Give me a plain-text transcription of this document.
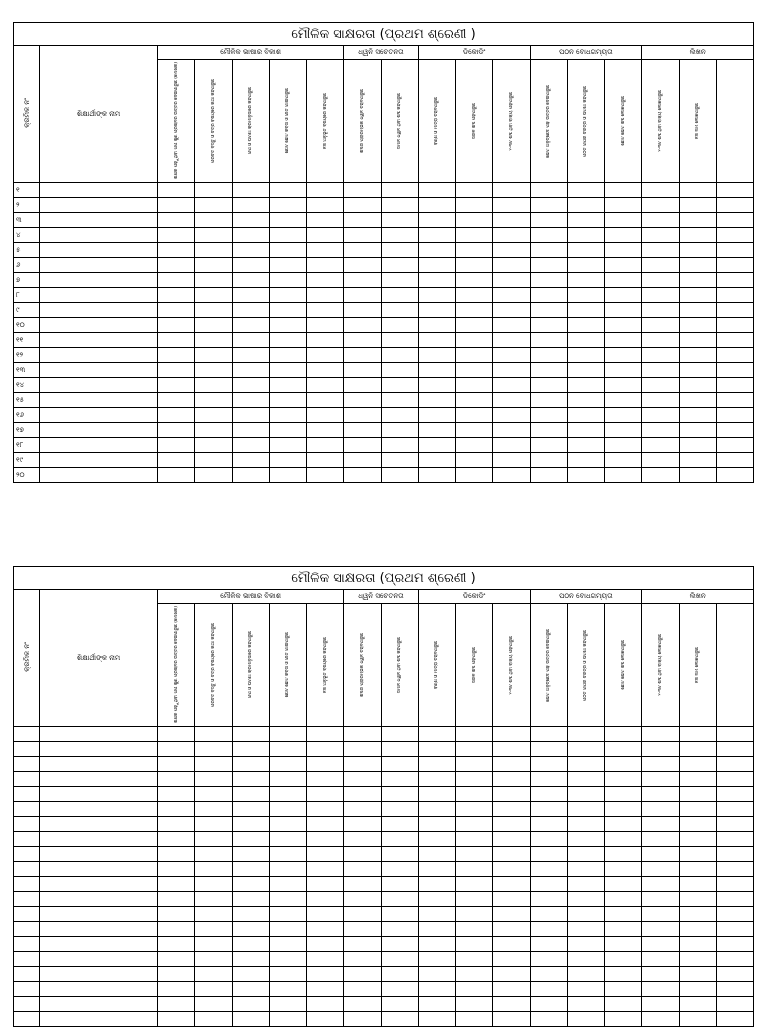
ମୌଳିକ ସାକ୍ଷରତା (ପ୍ରଥମ ଶ୍ରେଣୀ )																		
କ୍ରମିକ ନଂ	ଶିକ୍ଷାର୍ଥୀଙ୍କ ନାମ	ମୌଳିକ ଭାଷାର ବିକାଶ					ଧ୍ୱନି ସଚେତନତା		ଡିକୋଡିଂ			ପଠନ ବୋଧଗମ୍ୟତା			ଲିଖନ			

		ଶିକ୍ଷକ ପଢ଼ୁଥିବା ଗପ ଶୁଣି ପ୍ରଶ୍ନର ଉତ୍ତର ଦେଇପାରୁଛି (ମୌଖିକ)	ପରିଚିତ ବସ୍ତୁ ଓ ଚିତ୍ର ବିଷୟରେ କଥା କହିପାରୁଛି	ଗପ ଓ ଘଟଣା କ୍ରମାନୁସାରେ କହିପାରୁଛି	ଛୋଟ ଛୋଟ କବିତା ଓ ଗୀତ ଗାଇପାରୁଛି	ନିଜ ଅନୁଭୂତି ବିଷୟରେ କହିପାରୁଛି	ଶବ୍ଦର ପ୍ରାରମ୍ଭିକ ଧ୍ୱନି ଚିହ୍ନିପାରୁଛି	ସମାନ ଧ୍ୱନି ଥିବା ଶବ୍ଦ କହିପାରୁଛି	ବର୍ଣ୍ଣ ଓ ମାତ୍ରା ଚିହ୍ନିପାରୁଛି	ସରଳ ଶବ୍ଦ ପଢ଼ିପାରୁଛି	୨-୩ଟି ଶବ୍ଦ ଥିବା ବାକ୍ୟ ପଢ଼ିପାରୁଛି	ଛୋଟ ଅନୁଚ୍ଛେଦ ପଢ଼ି ଉତ୍ତର ଦେଇପାରୁଛି	ପଠିତ ଗପର ଚରିତ୍ର ଓ ଘଟଣା କହିପାରୁଛି	ଛୋଟ ଛୋଟ ଶବ୍ଦ ଲେଖିପାରୁଛି	୨-୩ଟି ଶବ୍ଦ ଥିବା ବାକ୍ୟ ଲେଖିପାରୁଛି	ନିଜ ନାମ ଲେଖିପାରୁଛି		

୧																		
୨																		
୩																		
୪																		
୫																		
୬																		
୭																		
୮																		
୯																		
୧୦																		
୧୧																		
୧୨																		
୧୩																		
୧୪																		
୧୫																		
୧୬																		
୧୭																		
୧୮																		
୧୯																		
୨୦																		
ମୌଳିକ ସାକ୍ଷରତା (ପ୍ରଥମ ଶ୍ରେଣୀ )																		
କ୍ରମିକ ନଂ	ଶିକ୍ଷାର୍ଥୀଙ୍କ ନାମ	ମୌଳିକ ଭାଷାର ବିକାଶ					ଧ୍ୱନି ସଚେତନତା		ଡିକୋଡିଂ			ପଠନ ବୋଧଗମ୍ୟତା			ଲିଖନ			

		ଶିକ୍ଷକ ପଢ଼ୁଥିବା ଗପ ଶୁଣି ପ୍ରଶ୍ନର ଉତ୍ତର ଦେଇପାରୁଛି (ମୌଖିକ)	ପରିଚିତ ବସ୍ତୁ ଓ ଚିତ୍ର ବିଷୟରେ କଥା କହିପାରୁଛି	ଗପ ଓ ଘଟଣା କ୍ରମାନୁସାରେ କହିପାରୁଛି	ଛୋଟ ଛୋଟ କବିତା ଓ ଗୀତ ଗାଇପାରୁଛି	ନିଜ ଅନୁଭୂତି ବିଷୟରେ କହିପାରୁଛି	ଶବ୍ଦର ପ୍ରାରମ୍ଭିକ ଧ୍ୱନି ଚିହ୍ନିପାରୁଛି	ସମାନ ଧ୍ୱନି ଥିବା ଶବ୍ଦ କହିପାରୁଛି	ବର୍ଣ୍ଣ ଓ ମାତ୍ରା ଚିହ୍ନିପାରୁଛି	ସରଳ ଶବ୍ଦ ପଢ଼ିପାରୁଛି	୨-୩ଟି ଶବ୍ଦ ଥିବା ବାକ୍ୟ ପଢ଼ିପାରୁଛି	ଛୋଟ ଅନୁଚ୍ଛେଦ ପଢ଼ି ଉତ୍ତର ଦେଇପାରୁଛି	ପଠିତ ଗପର ଚରିତ୍ର ଓ ଘଟଣା କହିପାରୁଛି	ଛୋଟ ଛୋଟ ଶବ୍ଦ ଲେଖିପାରୁଛି	୨-୩ଟି ଶବ୍ଦ ଥିବା ବାକ୍ୟ ଲେଖିପାରୁଛି	ନିଜ ନାମ ଲେଖିପାରୁଛି		
